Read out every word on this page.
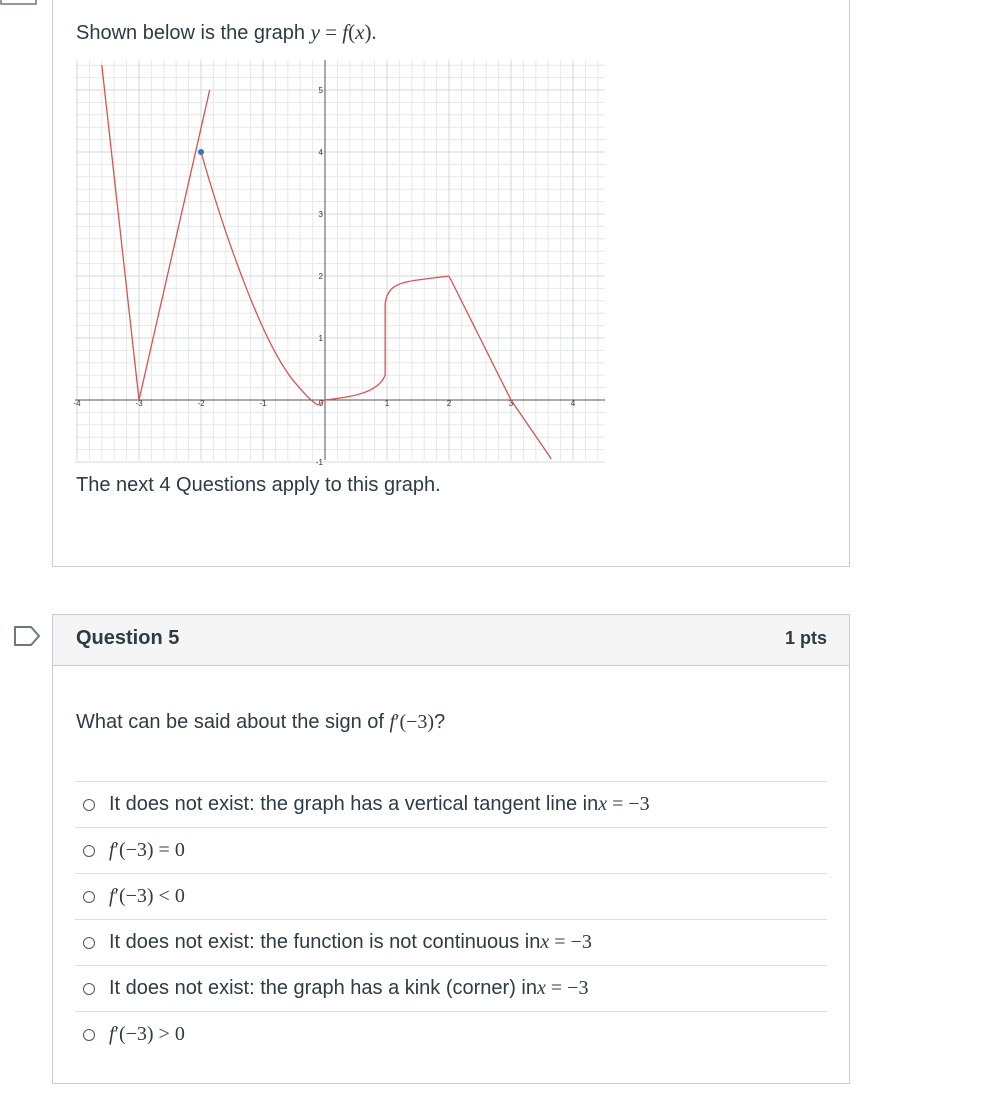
Shown below is the graph y = f(x).
-4	-3	-2	-1	0	1	2	3	4
5
4
3
2
1
-1
The next 4 Questions apply to this graph.
Question 5	1 pts
What can be said about the sign of f′(−3)?
It does not exist: the graph has a vertical tangent line in x = −3
f′(−3) = 0
f′(−3) < 0
It does not exist: the function is not continuous in x = −3
It does not exist: the graph has a kink (corner) in x = −3
f′(−3) > 0
